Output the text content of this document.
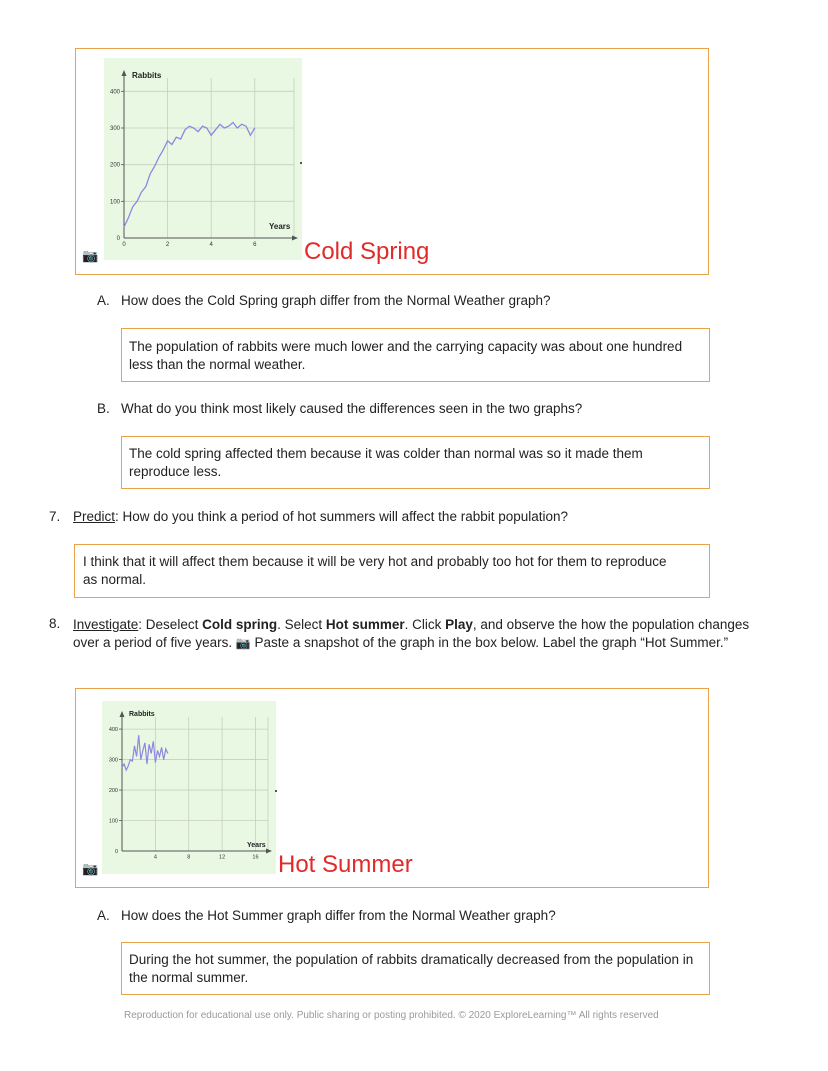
Rabbits
Years
400
300
200
100
0
0	2	4	6
📷	Cold Spring
A. How does the Cold Spring graph differ from the Normal Weather graph?
The population of rabbits were much lower and the carrying capacity was about one hundred less than the normal weather.
B. What do you think most likely caused the differences seen in the two graphs?
The cold spring affected them because it was colder than normal was so it made them reproduce less.
7. Predict: How do you think a period of hot summers will affect the rabbit population?
I think that it will affect them because it will be very hot and probably too hot for them to reproduce as normal.
8. Investigate: Deselect Cold spring. Select Hot summer. Click Play, and observe the how the population changes over a period of five years. 📷 Paste a snapshot of the graph in the box below. Label the graph “Hot Summer.”
Rabbits
Years
400
300
200
100
0
4	8	12	16
📷	Hot Summer
A. How does the Hot Summer graph differ from the Normal Weather graph?
During the hot summer, the population of rabbits dramatically decreased from the population in the normal summer.
Reproduction for educational use only. Public sharing or posting prohibited. © 2020 ExploreLearning™ All rights reserved
